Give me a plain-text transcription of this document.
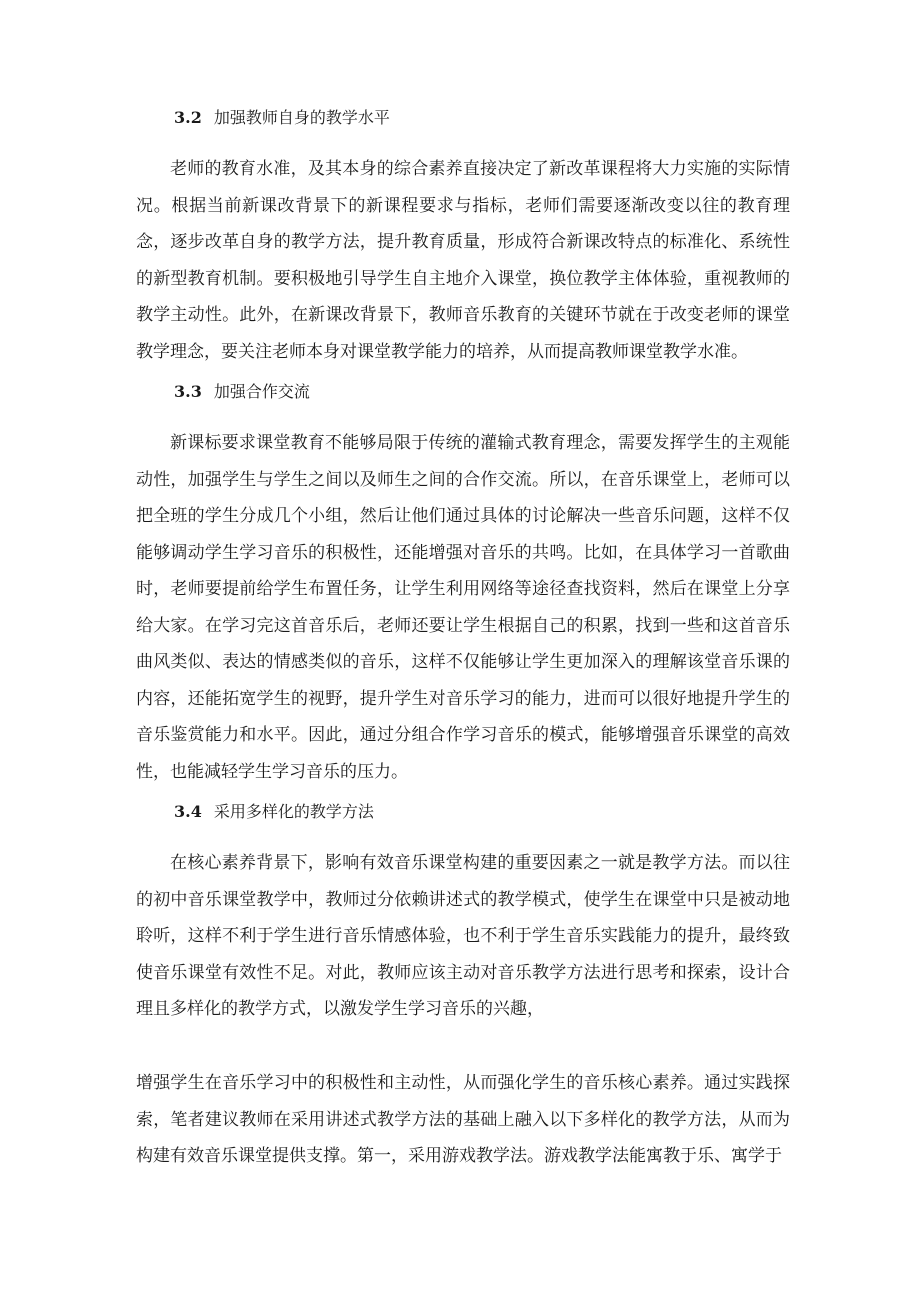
3.2 加强教师自身的教学水平

老师的教育水准，及其本身的综合素养直接决定了新改革课程将大力实施的实际情况。根据当前新课改背景下的新课程要求与指标，老师们需要逐渐改变以往的教育理念，逐步改革自身的教学方法，提升教育质量，形成符合新课改特点的标准化、系统性的新型教育机制。要积极地引导学生自主地介入课堂，换位教学主体体验，重视教师的教学主动性。此外，在新课改背景下，教师音乐教育的关键环节就在于改变老师的课堂教学理念，要关注老师本身对课堂教学能力的培养，从而提高教师课堂教学水准。

3.3 加强合作交流

新课标要求课堂教育不能够局限于传统的灌输式教育理念，需要发挥学生的主观能动性，加强学生与学生之间以及师生之间的合作交流。所以，在音乐课堂上，老师可以把全班的学生分成几个小组，然后让他们通过具体的讨论解决一些音乐问题，这样不仅能够调动学生学习音乐的积极性，还能增强对音乐的共鸣。比如，在具体学习一首歌曲时，老师要提前给学生布置任务，让学生利用网络等途径查找资料，然后在课堂上分享给大家。在学习完这首音乐后，老师还要让学生根据自己的积累，找到一些和这首音乐曲风类似、表达的情感类似的音乐，这样不仅能够让学生更加深入的理解该堂音乐课的内容，还能拓宽学生的视野，提升学生对音乐学习的能力，进而可以很好地提升学生的音乐鉴赏能力和水平。因此，通过分组合作学习音乐的模式，能够增强音乐课堂的高效性，也能减轻学生学习音乐的压力。

3.4 采用多样化的教学方法

在核心素养背景下，影响有效音乐课堂构建的重要因素之一就是教学方法。而以往的初中音乐课堂教学中，教师过分依赖讲述式的教学模式，使学生在课堂中只是被动地聆听，这样不利于学生进行音乐情感体验，也不利于学生音乐实践能力的提升，最终致使音乐课堂有效性不足。对此，教师应该主动对音乐教学方法进行思考和探索，设计合理且多样化的教学方式，以激发学生学习音乐的兴趣，

增强学生在音乐学习中的积极性和主动性，从而强化学生的音乐核心素养。通过实践探索，笔者建议教师在采用讲述式教学方法的基础上融入以下多样化的教学方法，从而为构建有效音乐课堂提供支撑。第一，采用游戏教学法。游戏教学法能寓教于乐、寓学于
